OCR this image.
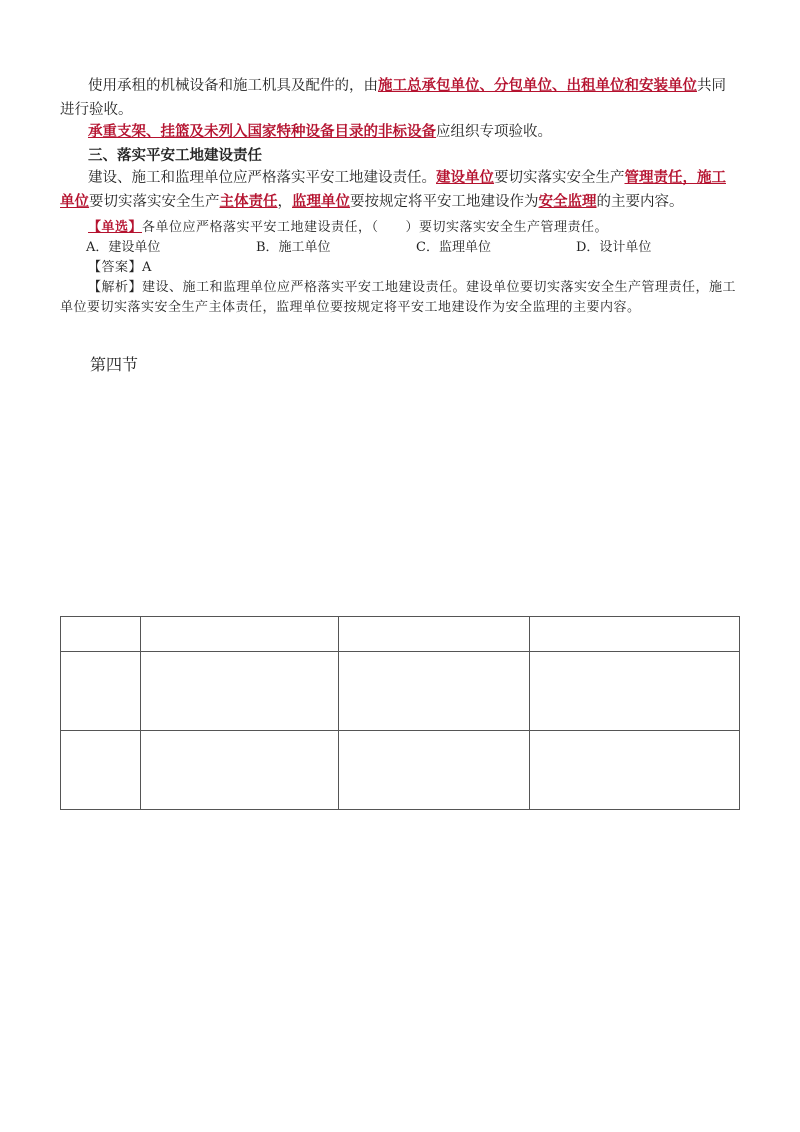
使用承租的机械设备和施工机具及配件的，由施工总承包单位、分包单位、出租单位和安装单位共同进行验收。

承重支架、挂篮及未列入国家特种设备目录的非标设备应组织专项验收。

三、落实平安工地建设责任

建设、施工和监理单位应严格落实平安工地建设责任。建设单位要切实落实安全生产管理责任，施工单位要切实落实安全生产主体责任，监理单位要按规定将平安工地建设作为安全监理的主要内容。

【单选】各单位应严格落实平安工地建设责任，（　　）要切实落实安全生产管理责任。

A．建设单位	B．施工单位	C．监理单位	D．设计单位

【答案】A

【解析】建设、施工和监理单位应严格落实平安工地建设责任。建设单位要切实落实安全生产管理责任，施工单位要切实落实安全生产主体责任，监理单位要按规定将平安工地建设作为安全监理的主要内容。

第四节
